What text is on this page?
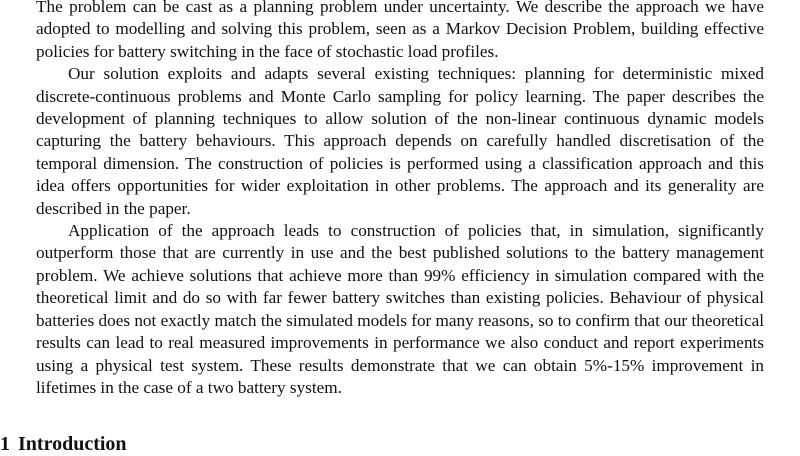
The problem can be cast as a planning problem under uncertainty. We describe the approach we have adopted to modelling and solving this problem, seen as a Markov Decision Problem, building effective policies for battery switching in the face of stochastic load profiles.

Our solution exploits and adapts several existing techniques: planning for deterministic mixed discrete-continuous problems and Monte Carlo sampling for policy learning. The paper describes the development of planning techniques to allow solution of the non-linear continuous dynamic models capturing the battery behaviours. This approach depends on carefully handled discretisation of the temporal dimension. The construction of policies is performed using a classification approach and this idea offers opportunities for wider exploitation in other problems. The approach and its generality are described in the paper.

Application of the approach leads to construction of policies that, in simulation, significantly outperform those that are currently in use and the best published solutions to the battery management problem. We achieve solutions that achieve more than 99% efficiency in simulation compared with the theoretical limit and do so with far fewer battery switches than existing policies. Behaviour of physical batteries does not exactly match the simulated models for many reasons, so to confirm that our theoretical results can lead to real measured improvements in performance we also conduct and report experiments using a physical test system. These results demonstrate that we can obtain 5%-15% improvement in lifetimes in the case of a two battery system.

1 Introduction
